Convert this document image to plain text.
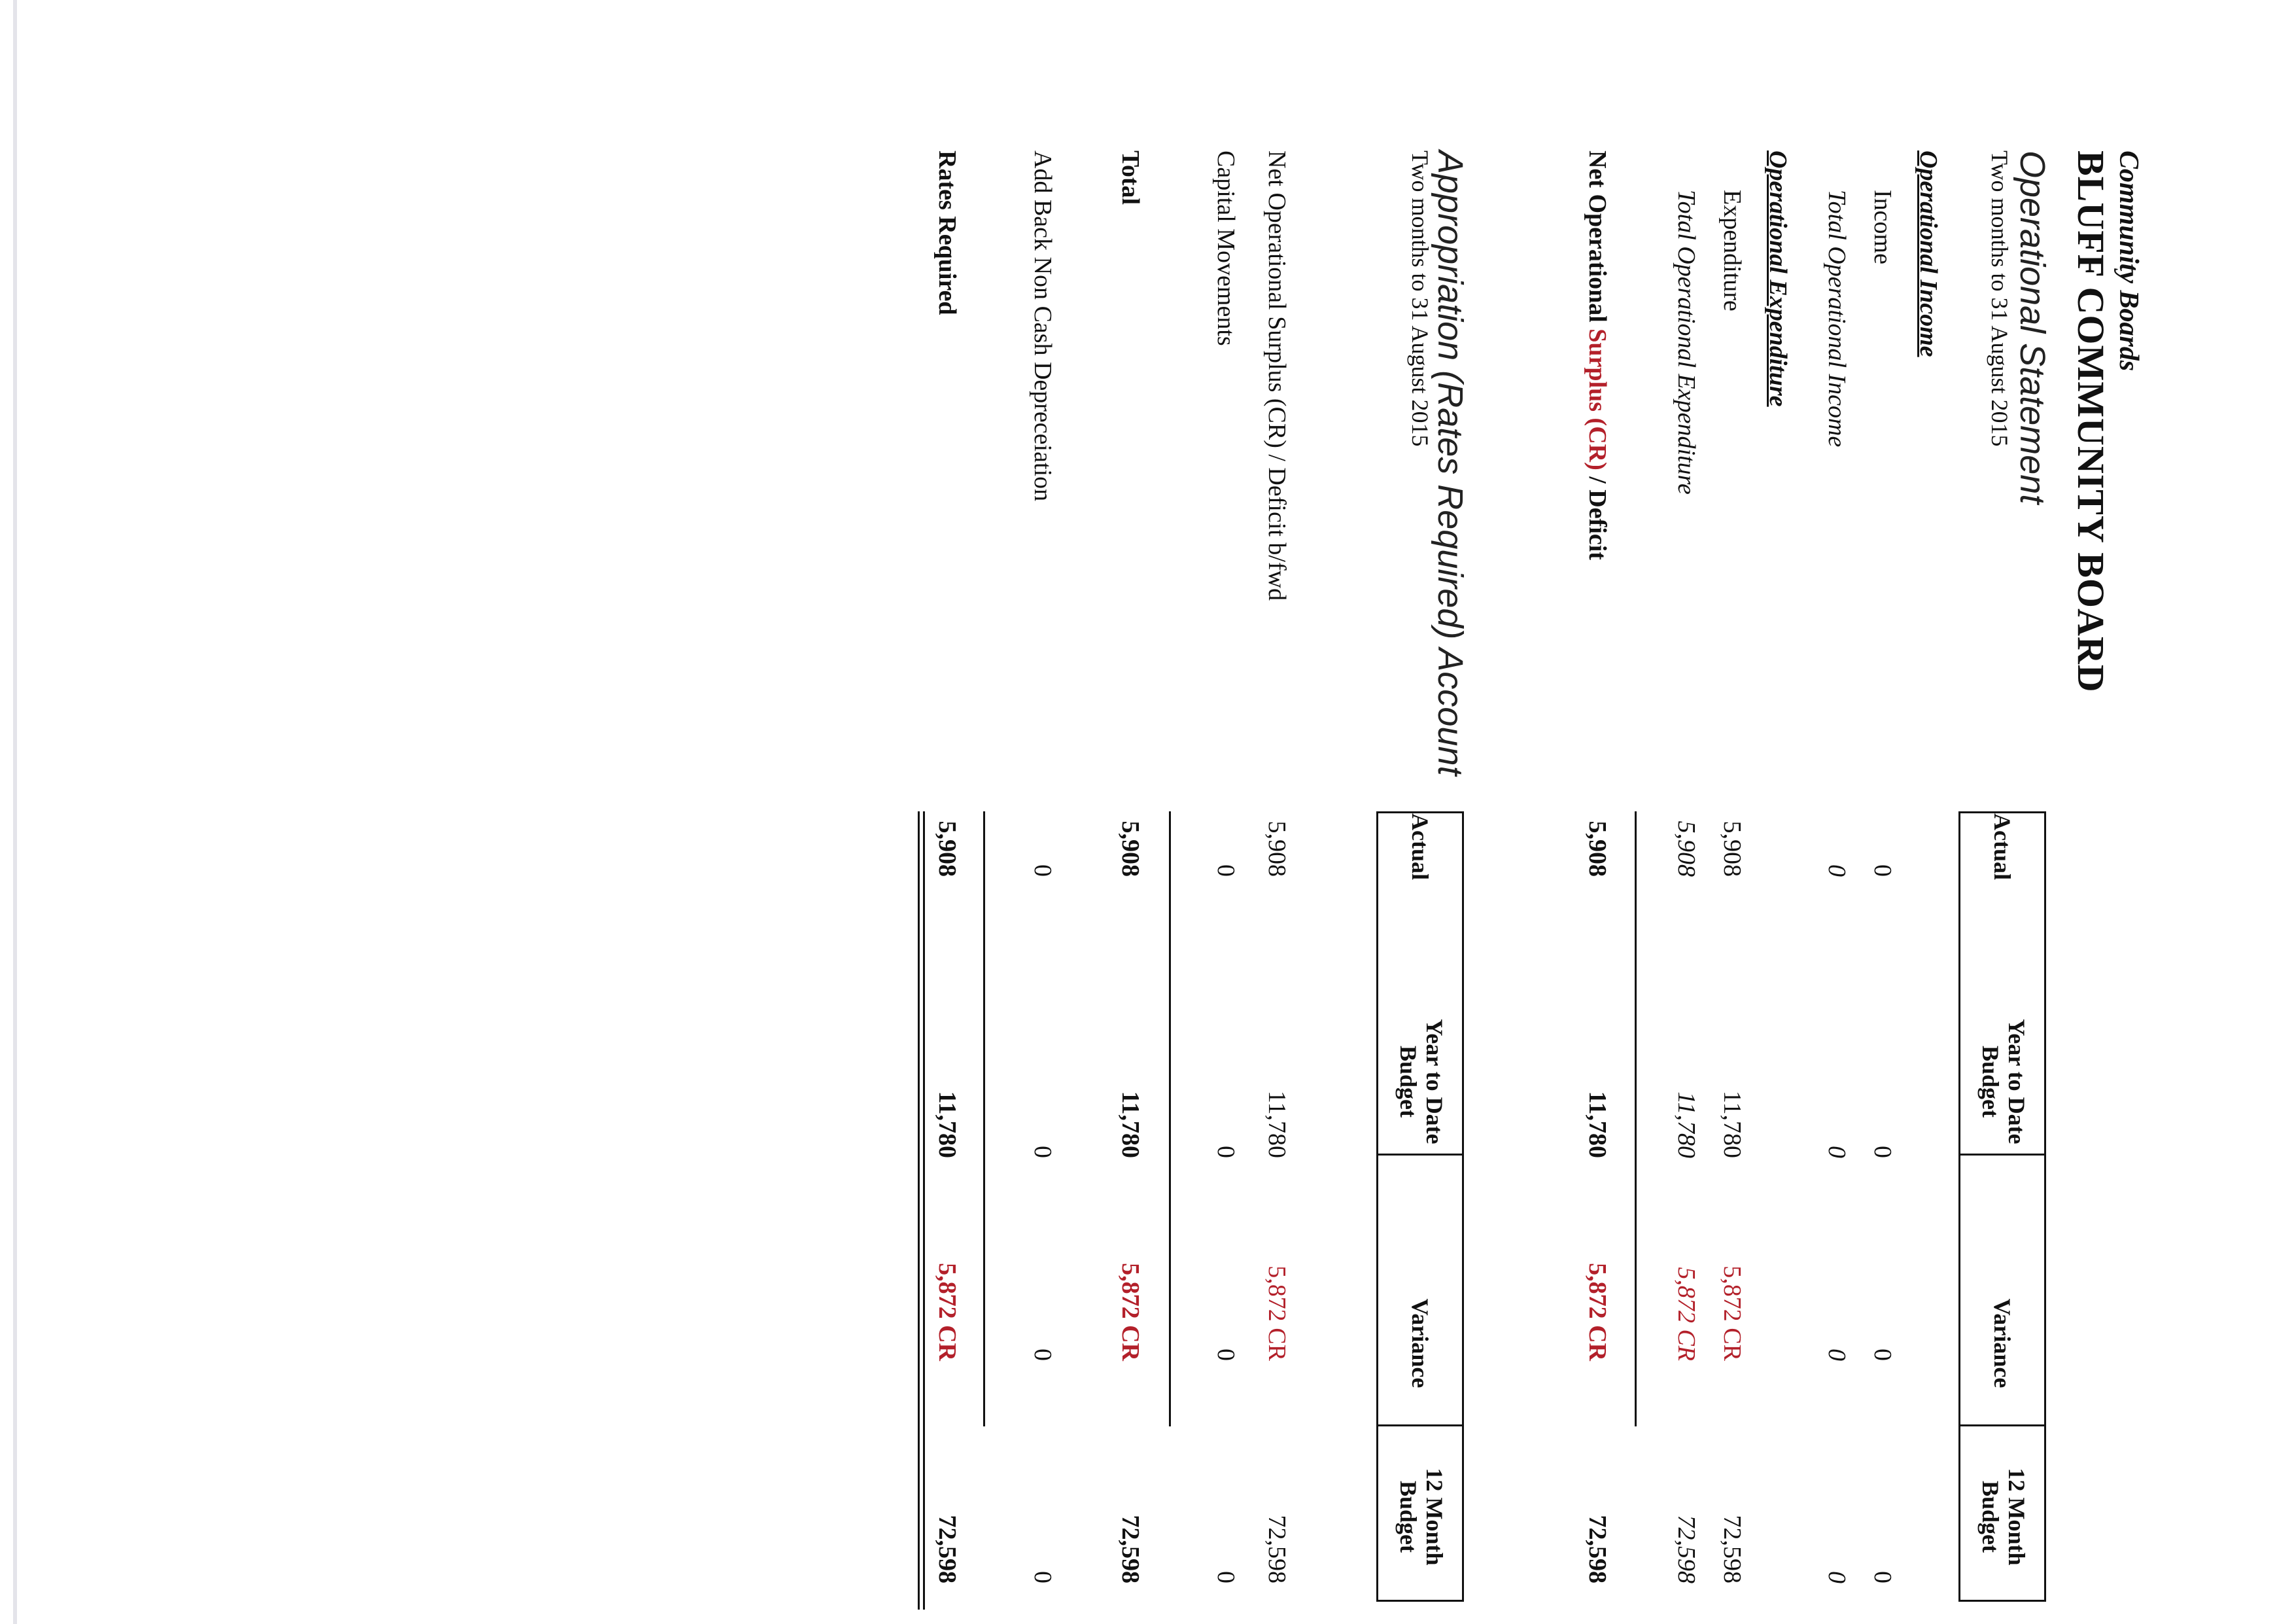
Community Boards
BLUFF COMMUNITY BOARD
Operational Statement
Two months to 31 August 2015
Actual
Year to Date
Budget
Variance
12 Month
Budget
Operational Income
Income
0
0
0
0
Total Operational Income
0
0
0
0
Operational Expenditure
Expenditure
5,908
11,780
5,872 CR
72,598
Total Operational Expenditure
5,908
11,780
5,872 CR
72,598
Net Operational Surplus (CR) / Deficit
5,908
11,780
5,872 CR
72,598
Appropriation (Rates Required) Account
Two months to 31 August 2015
Actual
Year to Date
Budget
Variance
12 Month
Budget
Net Operational Surplus (CR) / Deficit b/fwd
5,908
11,780
5,872 CR
72,598
Capital Movements
0
0
0
0
Total
5,908
11,780
5,872 CR
72,598
Add Back Non Cash Depreceiation
0
0
0
0
Rates Required
5,908
11,780
5,872 CR
72,598
